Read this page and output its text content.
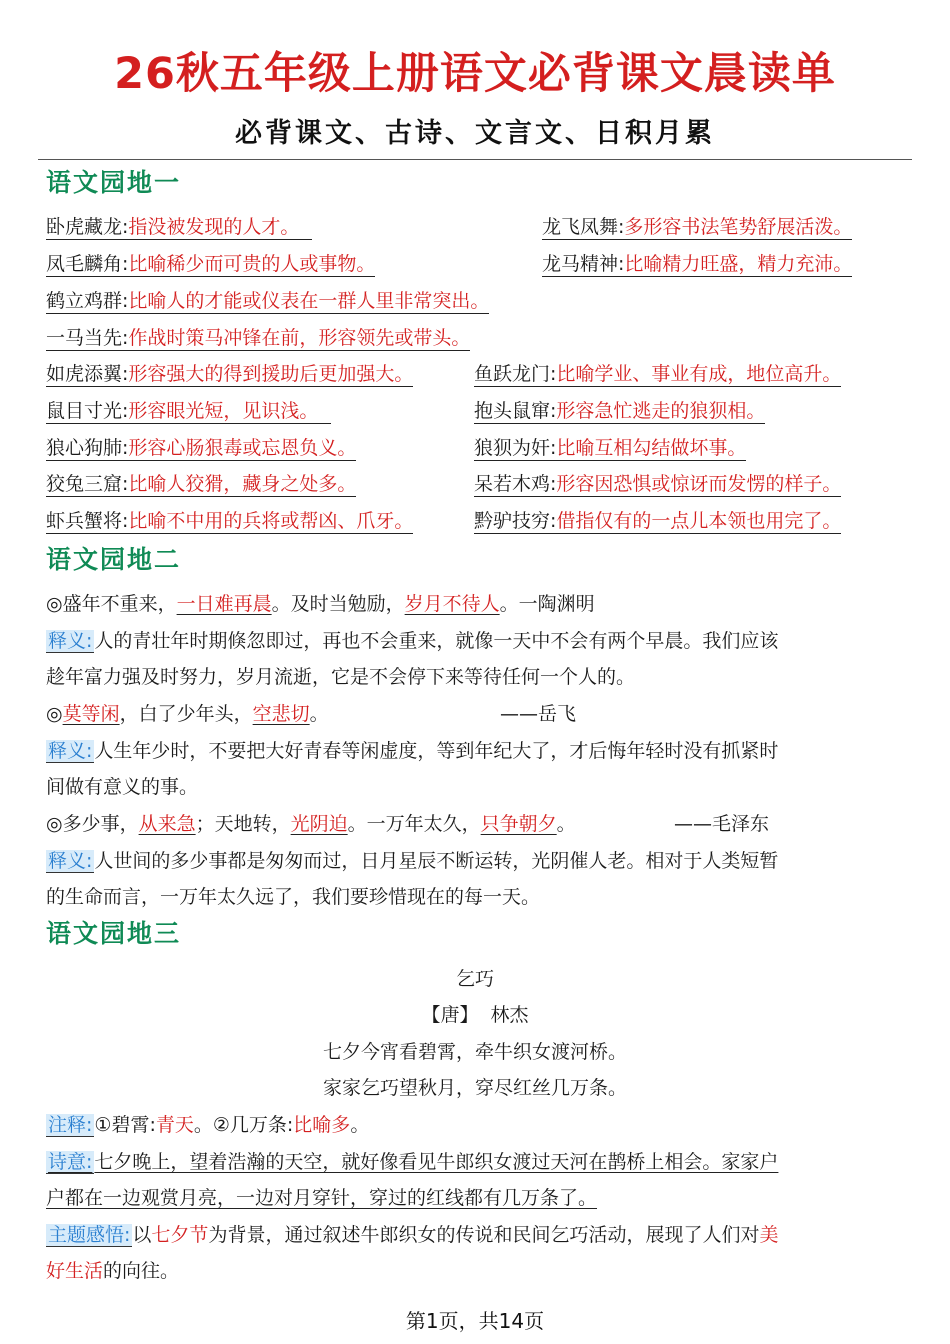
26秋五年级上册语文必背课文晨读单
必背课文、古诗、文言文、日积月累
语文园地一
卧虎藏龙:指没被发现的人才。	龙飞凤舞:多形容书法笔势舒展活泼。
凤毛麟角:比喻稀少而可贵的人或事物。	龙马精神:比喻精力旺盛，精力充沛。
鹤立鸡群:比喻人的才能或仪表在一群人里非常突出。
一马当先:作战时策马冲锋在前，形容领先或带头。
如虎添翼:形容强大的得到援助后更加强大。	鱼跃龙门:比喻学业、事业有成，地位高升。
鼠目寸光:形容眼光短，见识浅。	抱头鼠窜:形容急忙逃走的狼狈相。
狼心狗肺:形容心肠狠毒或忘恩负义。	狼狈为奸:比喻互相勾结做坏事。
狡兔三窟:比喻人狡猾，藏身之处多。	呆若木鸡:形容因恐惧或惊讶而发愣的样子。
虾兵蟹将:比喻不中用的兵将或帮凶、爪牙。	黔驴技穷:借指仅有的一点儿本领也用完了。
语文园地二
◎盛年不重来，一日难再晨。及时当勉励，岁月不待人。一陶渊明
释义: 人的青壮年时期倏忽即过，再也不会重来，就像一天中不会有两个早晨。我们应该
趁年富力强及时努力，岁月流逝，它是不会停下来等待任何一个人的。
◎莫等闲，白了少年头，空悲切。	——岳飞
释义: 人生年少时，不要把大好青春等闲虚度，等到年纪大了，才后悔年轻时没有抓紧时
间做有意义的事。
◎多少事，从来急；天地转，光阴迫。一万年太久，只争朝夕。	——毛泽东
释义: 人世间的多少事都是匆匆而过，日月星辰不断运转，光阴催人老。相对于人类短暂
的生命而言，一万年太久远了，我们要珍惜现在的每一天。
语文园地三
乞巧
【唐】 林杰
七夕今宵看碧霄，牵牛织女渡河桥。
家家乞巧望秋月，穿尽红丝几万条。
注释: ①碧霄:青天。②几万条:比喻多。
诗意: 七夕晚上，望着浩瀚的天空，就好像看见牛郎织女渡过天河在鹊桥上相会。家家户
户都在一边观赏月亮，一边对月穿针，穿过的红线都有几万条了。
主题感悟: 以七夕节为背景，通过叙述牛郎织女的传说和民间乞巧活动，展现了人们对美
好生活的向往。
第1页，共14页
